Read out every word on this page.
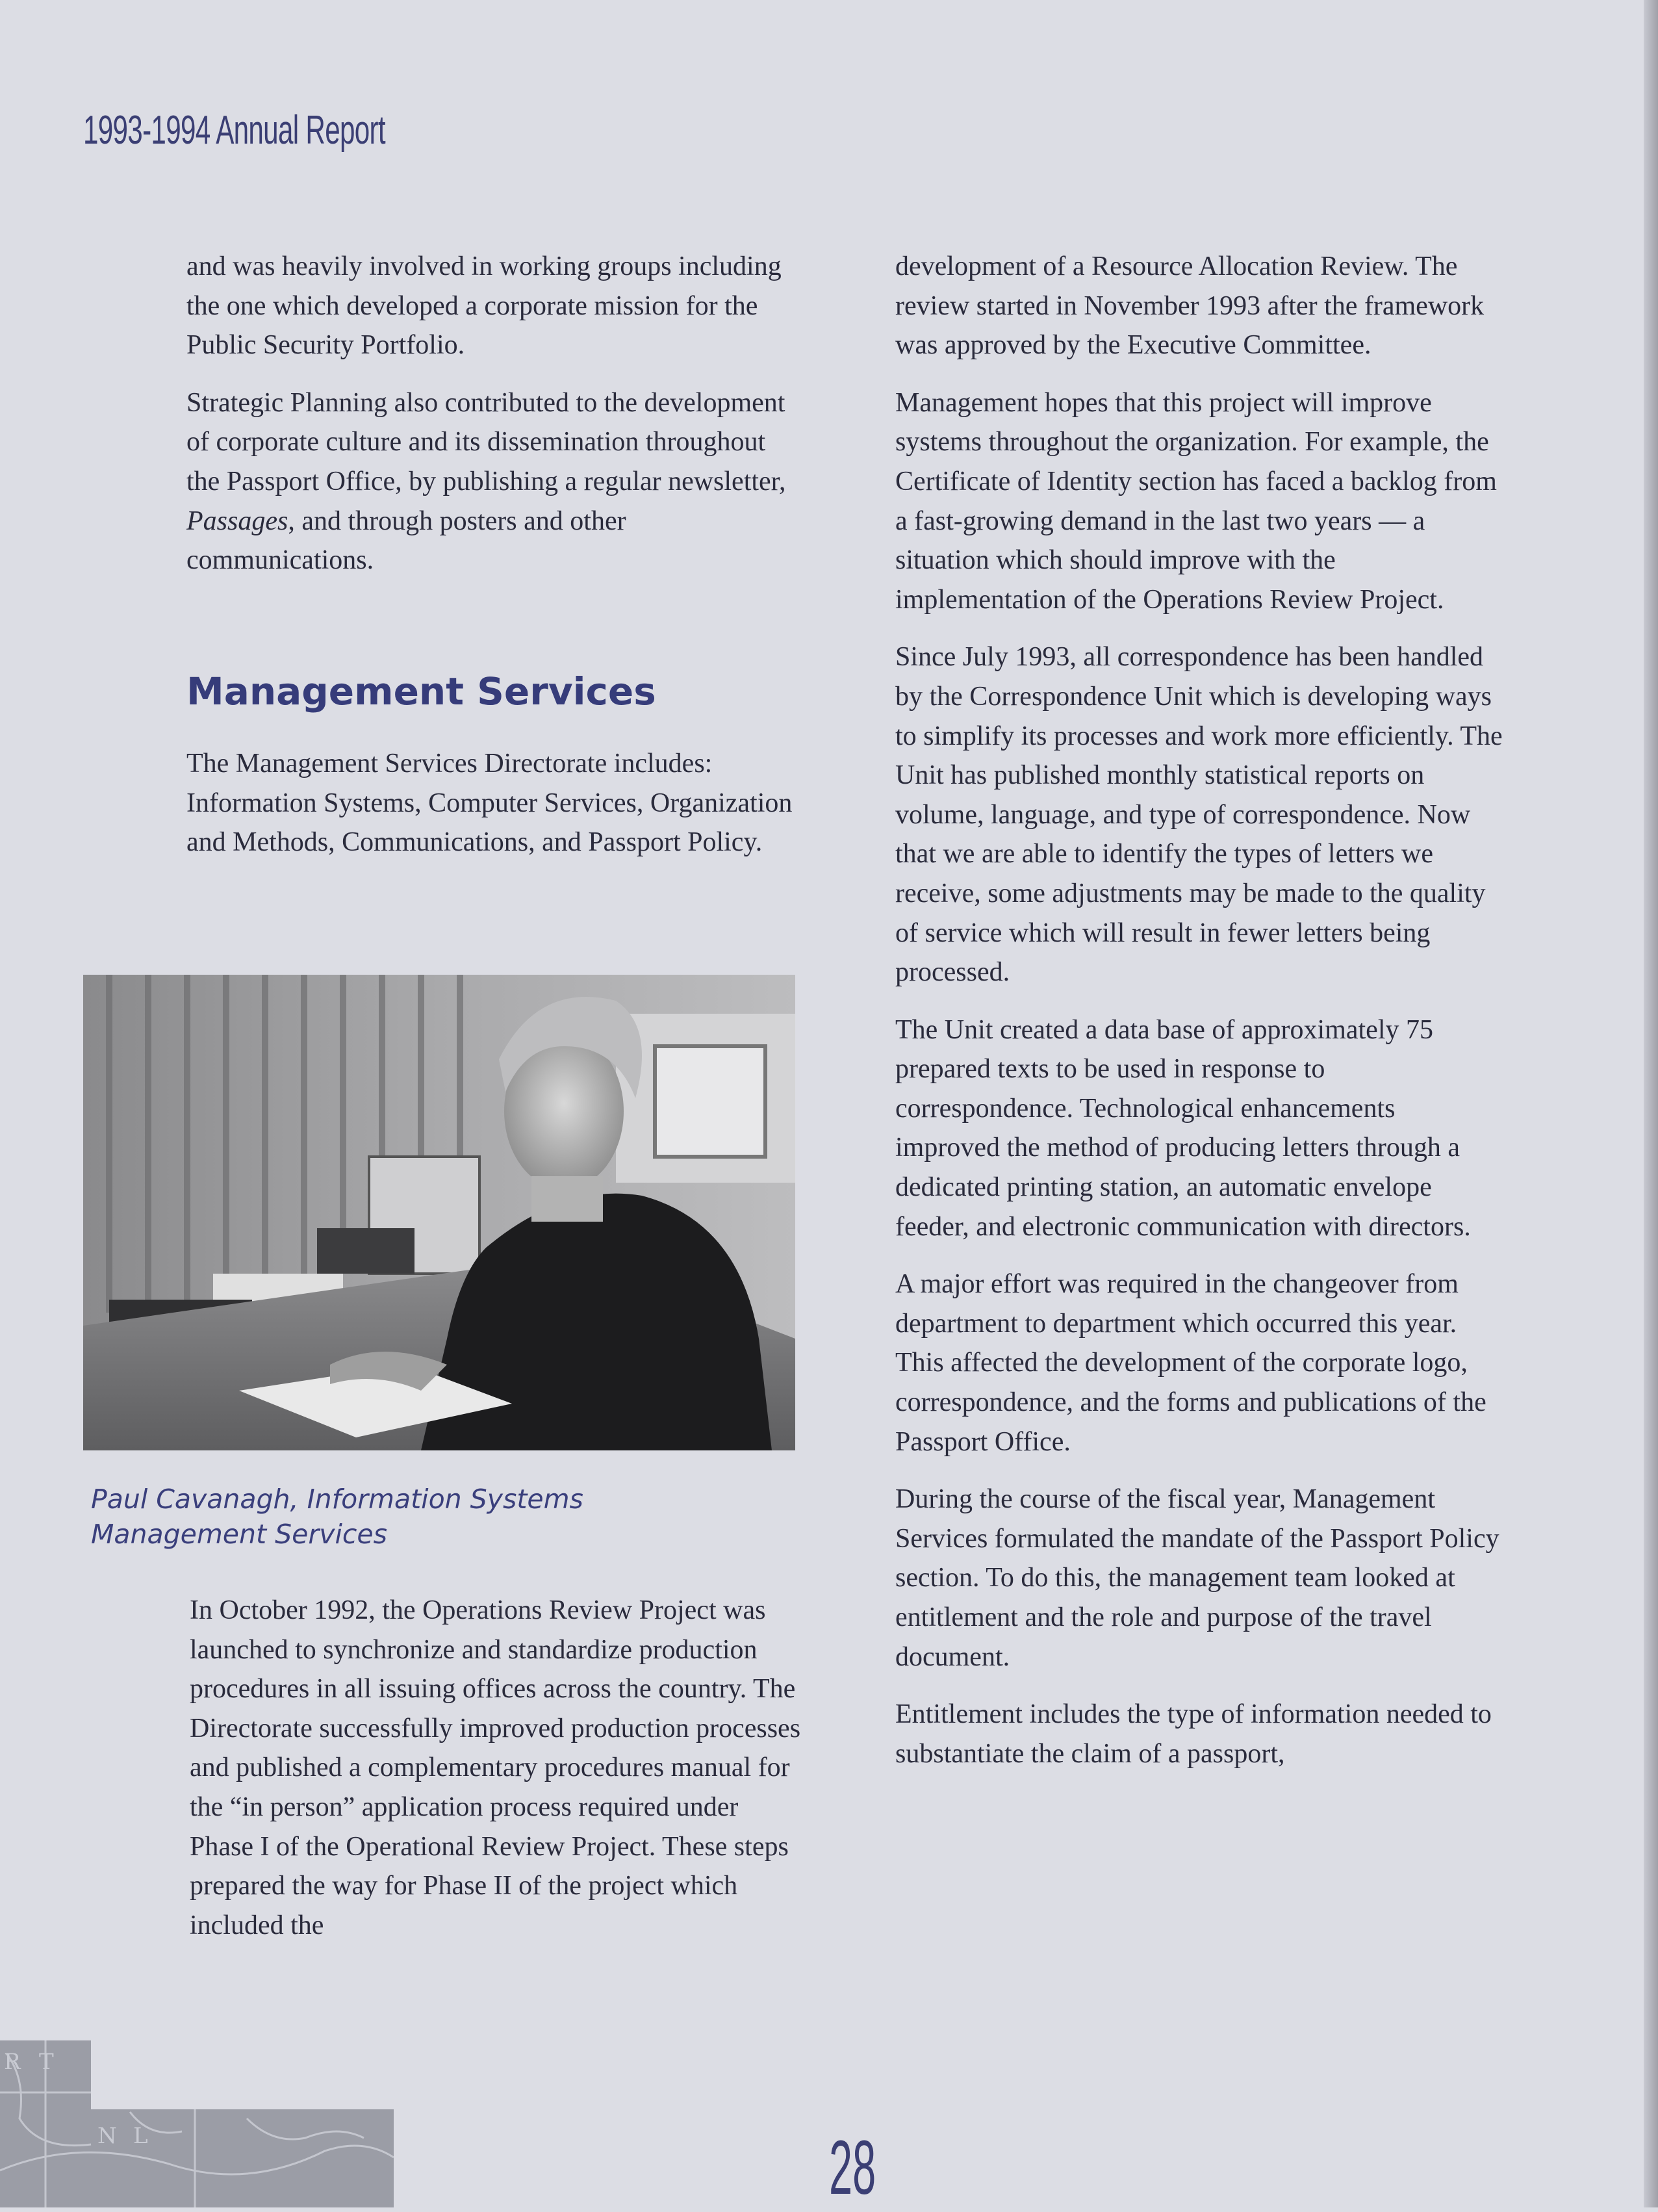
1993-1994 Annual Report

and was heavily involved in working groups including the one which developed a corporate mission for the Public Security Portfolio.

Strategic Planning also contributed to the development of corporate culture and its dissemination throughout the Passport Office, by publishing a regular newsletter, Passages, and through posters and other communications.

Management Services

The Management Services Directorate includes: Information Systems, Computer Services, Organization and Methods, Communications, and Passport Policy.

Paul Cavanagh, Information Systems
Management Services

In October 1992, the Operations Review Project was launched to synchronize and standardize production procedures in all issuing offices across the country. The Directorate successfully improved production processes and published a complementary procedures manual for the “in person” application process required under Phase I of the Operational Review Project. These steps prepared the way for Phase II of the project which included the

development of a Resource Allocation Review. The review started in November 1993 after the framework was approved by the Executive Committee.

Management hopes that this project will improve systems throughout the organization. For example, the Certificate of Identity section has faced a backlog from a fast-growing demand in the last two years — a situation which should improve with the implementation of the Operations Review Project.

Since July 1993, all correspondence has been handled by the Correspondence Unit which is developing ways to simplify its processes and work more efficiently. The Unit has published monthly statistical reports on volume, language, and type of correspondence. Now that we are able to identify the types of letters we receive, some adjustments may be made to the quality of service which will result in fewer letters being processed.

The Unit created a data base of approximately 75 prepared texts to be used in response to correspondence. Technological enhancements improved the method of producing letters through a dedicated printing station, an automatic envelope feeder, and electronic communication with directors.

A major effort was required in the changeover from department to department which occurred this year. This affected the development of the corporate logo, correspondence, and the forms and publications of the Passport Office.

During the course of the fiscal year, Management Services formulated the mandate of the Passport Policy section. To do this, the management team looked at entitlement and the role and purpose of the travel document.

Entitlement includes the type of information needed to substantiate the claim of a passport,

R T
N L	28
